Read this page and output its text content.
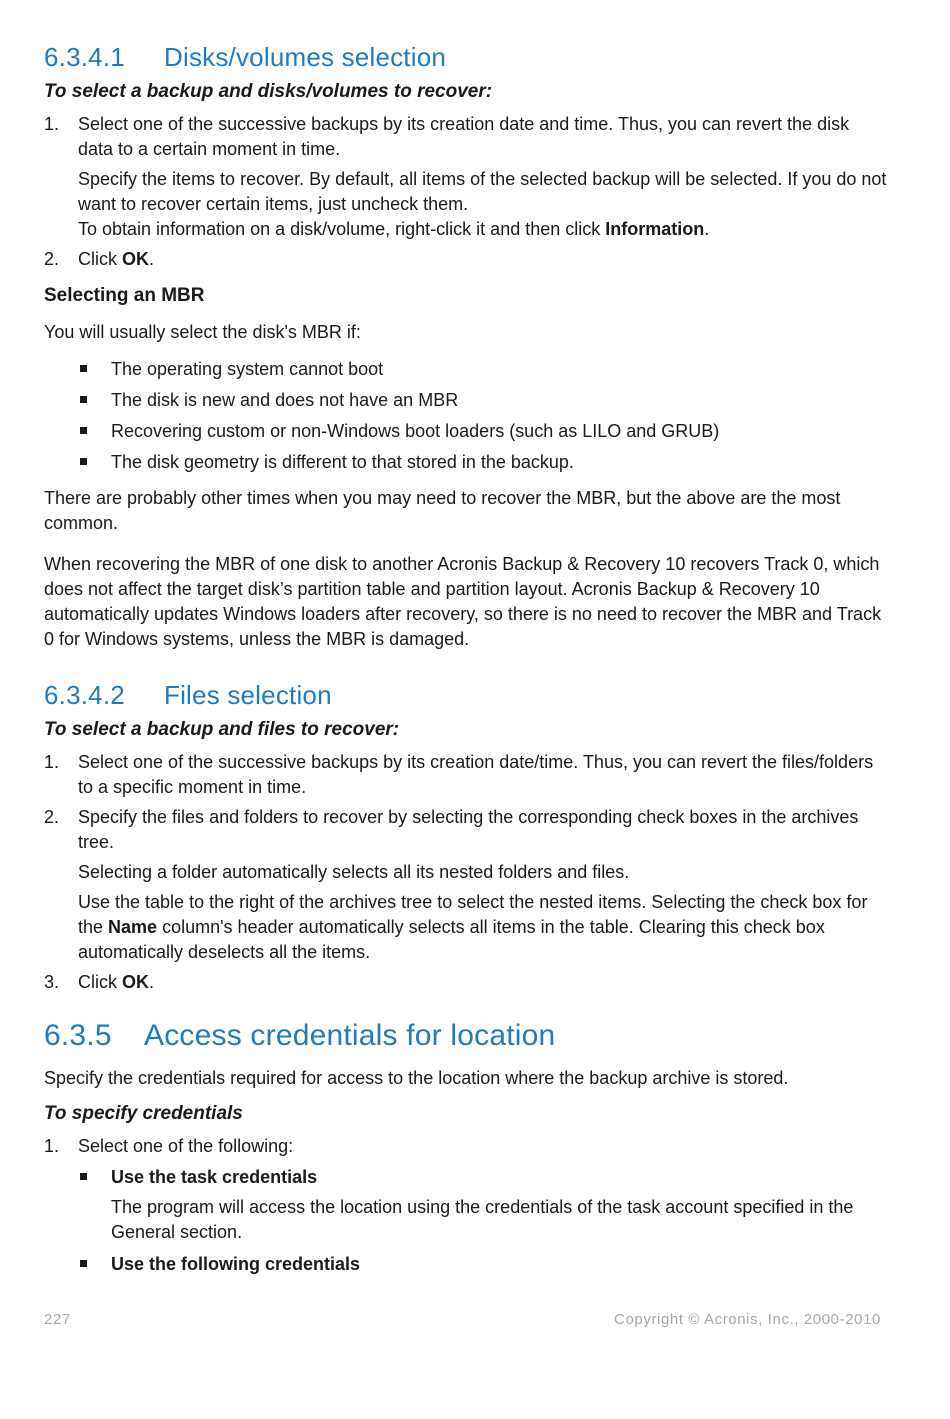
6.3.4.1 Disks/volumes selection
To select a backup and disks/volumes to recover:
1. Select one of the successive backups by its creation date and time. Thus, you can revert the disk data to a certain moment in time.
Specify the items to recover. By default, all items of the selected backup will be selected. If you do not want to recover certain items, just uncheck them.
To obtain information on a disk/volume, right-click it and then click Information.
2. Click OK.
Selecting an MBR
You will usually select the disk's MBR if:
The operating system cannot boot
The disk is new and does not have an MBR
Recovering custom or non-Windows boot loaders (such as LILO and GRUB)
The disk geometry is different to that stored in the backup.
There are probably other times when you may need to recover the MBR, but the above are the most common.
When recovering the MBR of one disk to another Acronis Backup & Recovery 10 recovers Track 0, which does not affect the target disk’s partition table and partition layout. Acronis Backup & Recovery 10 automatically updates Windows loaders after recovery, so there is no need to recover the MBR and Track 0 for Windows systems, unless the MBR is damaged.
6.3.4.2 Files selection
To select a backup and files to recover:
1. Select one of the successive backups by its creation date/time. Thus, you can revert the files/folders to a specific moment in time.
2. Specify the files and folders to recover by selecting the corresponding check boxes in the archives tree.
Selecting a folder automatically selects all its nested folders and files.
Use the table to the right of the archives tree to select the nested items. Selecting the check box for the Name column's header automatically selects all items in the table. Clearing this check box automatically deselects all the items.
3. Click OK.
6.3.5 Access credentials for location
Specify the credentials required for access to the location where the backup archive is stored.
To specify credentials
1. Select one of the following:
Use the task credentials
The program will access the location using the credentials of the task account specified in the General section.
Use the following credentials
227	Copyright © Acronis, Inc., 2000-2010
